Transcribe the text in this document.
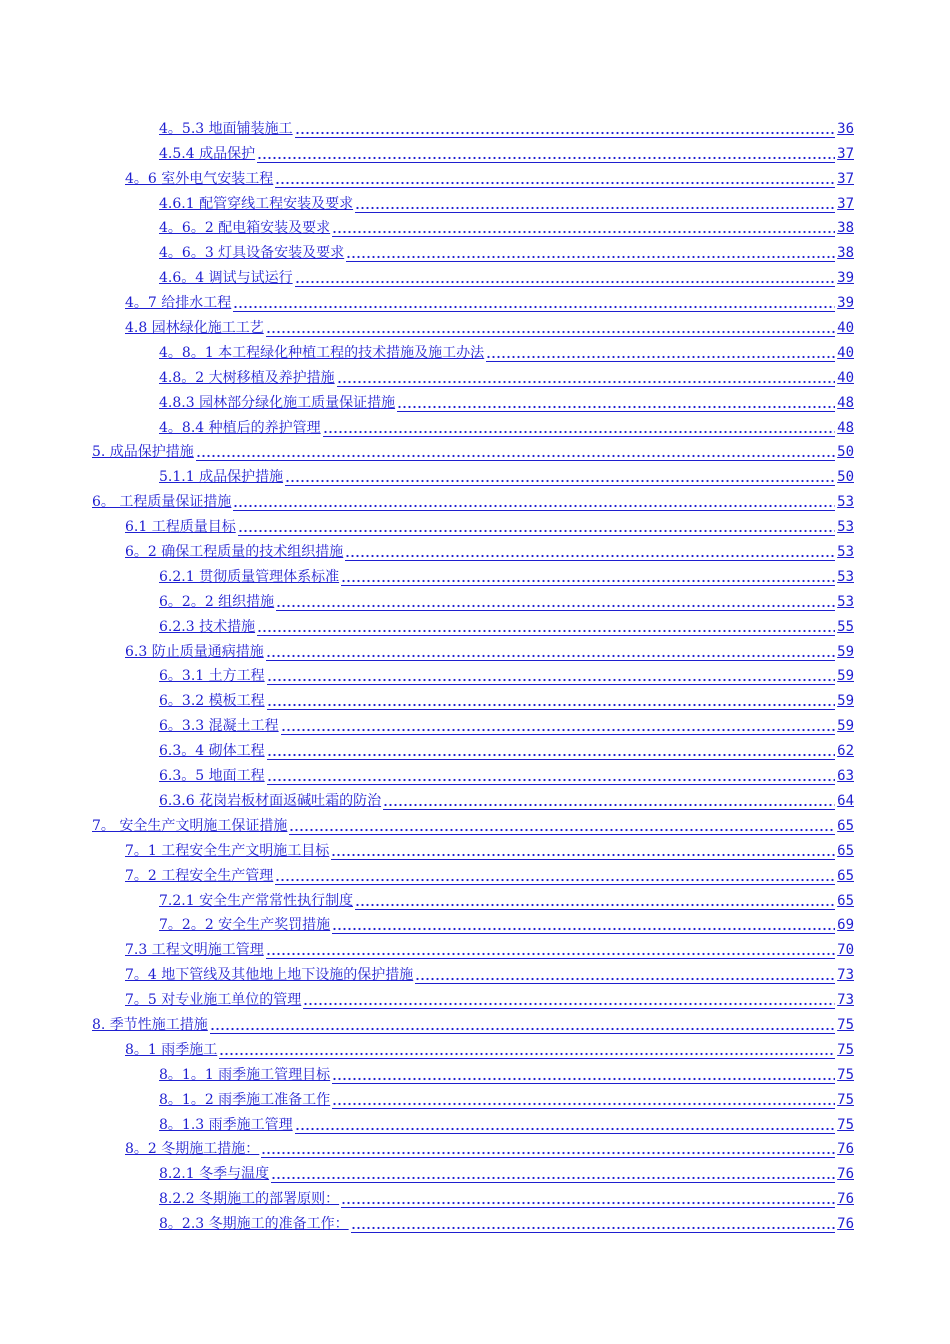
4。5.3 地面铺装施工	36
4.5.4 成品保护	37
4。6 室外电气安装工程	37
4.6.1 配管穿线工程安装及要求	37
4。6。2 配电箱安装及要求	38
4。6。3 灯具设备安装及要求	38
4.6。4 调试与试运行	39
4。7 给排水工程	39
4.8 园林绿化施工工艺	40
4。8。1 本工程绿化种植工程的技术措施及施工办法	40
4.8。2 大树移植及养护措施	40
4.8.3 园林部分绿化施工质量保证措施	48
4。8.4 种植后的养护管理	48
5. 成品保护措施	50
5.1.1 成品保护措施	50
6。 工程质量保证措施	53
6.1 工程质量目标	53
6。2 确保工程质量的技术组织措施	53
6.2.1 贯彻质量管理体系标准	53
6。2。2 组织措施	53
6.2.3 技术措施	55
6.3 防止质量通病措施	59
6。3.1 土方工程	59
6。3.2 模板工程	59
6。3.3 混凝土工程	59
6.3。4 砌体工程	62
6.3。5 地面工程	63
6.3.6 花岗岩板材面返碱吐霜的防治	64
7。 安全生产文明施工保证措施	65
7。1 工程安全生产文明施工目标	65
7。2 工程安全生产管理	65
7.2.1 安全生产常常性执行制度	65
7。2。2 安全生产奖罚措施	69
7.3 工程文明施工管理	70
7。4 地下管线及其他地上地下设施的保护措施	73
7。5 对专业施工单位的管理	73
8. 季节性施工措施	75
8。1 雨季施工	75
8。1。1 雨季施工管理目标	75
8。1。2 雨季施工准备工作	75
8。1.3 雨季施工管理	75
8。2 冬期施工措施：	76
8.2.1 冬季与温度	76
8.2.2 冬期施工的部署原则：	76
8。2.3 冬期施工的准备工作：	76
